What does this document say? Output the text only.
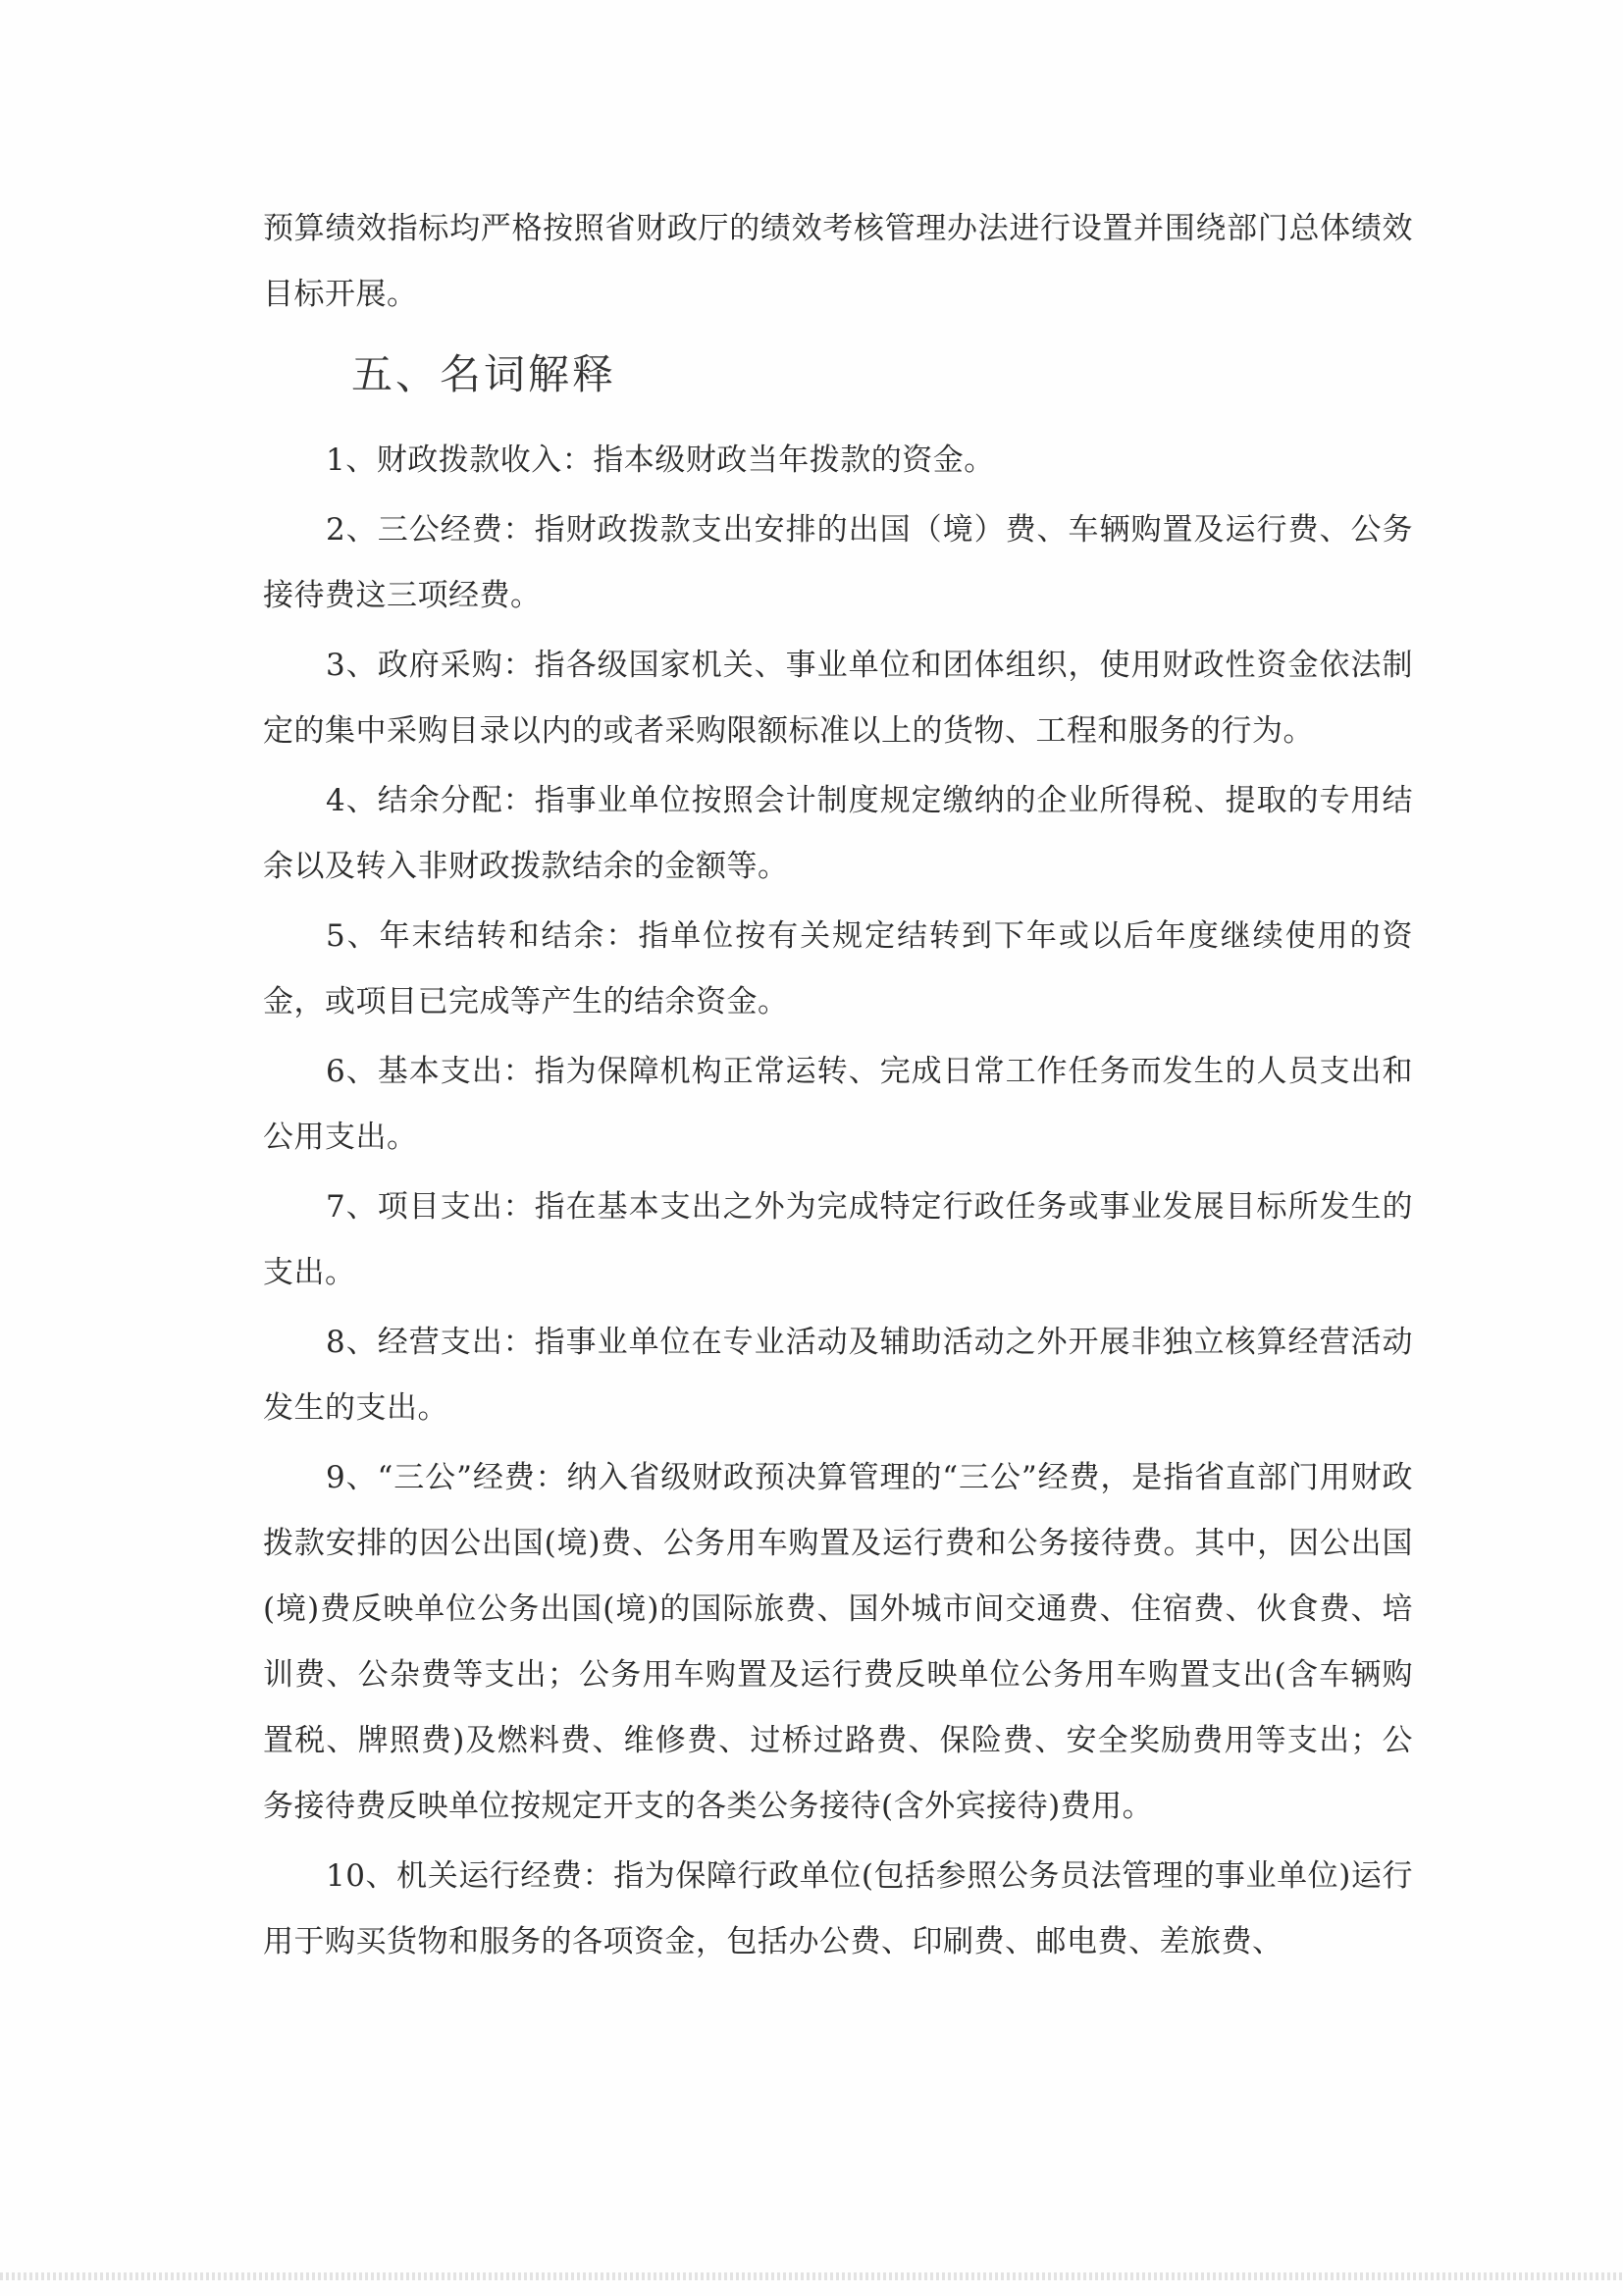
预算绩效指标均严格按照省财政厅的绩效考核管理办法进行设置并围绕部门总体绩效目标开展。

五、名词解释

1、财政拨款收入：指本级财政当年拨款的资金。

2、三公经费：指财政拨款支出安排的出国（境）费、车辆购置及运行费、公务接待费这三项经费。

3、政府采购：指各级国家机关、事业单位和团体组织，使用财政性资金依法制定的集中采购目录以内的或者采购限额标准以上的货物、工程和服务的行为。

4、结余分配：指事业单位按照会计制度规定缴纳的企业所得税、提取的专用结余以及转入非财政拨款结余的金额等。

5、年末结转和结余：指单位按有关规定结转到下年或以后年度继续使用的资金，或项目已完成等产生的结余资金。

6、基本支出：指为保障机构正常运转、完成日常工作任务而发生的人员支出和公用支出。

7、项目支出：指在基本支出之外为完成特定行政任务或事业发展目标所发生的支出。

8、经营支出：指事业单位在专业活动及辅助活动之外开展非独立核算经营活动发生的支出。

9、“三公”经费：纳入省级财政预决算管理的“三公”经费，是指省直部门用财政拨款安排的因公出国(境)费、公务用车购置及运行费和公务接待费。其中，因公出国(境)费反映单位公务出国(境)的国际旅费、国外城市间交通费、住宿费、伙食费、培训费、公杂费等支出；公务用车购置及运行费反映单位公务用车购置支出(含车辆购置税、牌照费)及燃料费、维修费、过桥过路费、保险费、安全奖励费用等支出；公务接待费反映单位按规定开支的各类公务接待(含外宾接待)费用。

10、机关运行经费：指为保障行政单位(包括参照公务员法管理的事业单位)运行用于购买货物和服务的各项资金，包括办公费、印刷费、邮电费、差旅费、
